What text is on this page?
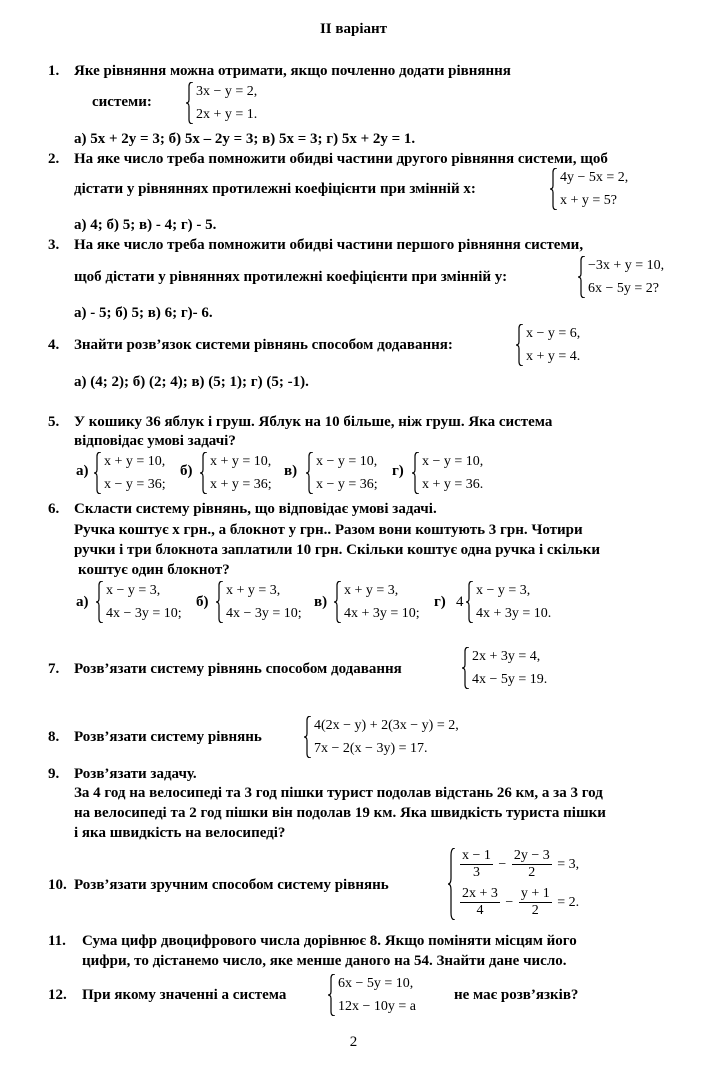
ІІ варіант
1. Яке рівняння можна отримати, якщо почленно додати рівняння
системи:
3x − y = 2,
2x + y = 1.
а) 5x + 2y = 3; б) 5x – 2y = 3; в) 5x = 3; г) 5x + 2y = 1.
2. На яке число треба помножити обидві частини другого рівняння системи, щоб
дістати у рівняннях протилежні коефіцієнти при змінній х:
4y − 5x = 2,
x + y = 5?
а) 4; б) 5; в) - 4; г) - 5.
3. На яке число треба помножити обидві частини першого рівняння системи,
щоб дістати у рівняннях протилежні коефіцієнти при змінній у:
−3x + y = 10,
6x − 5y = 2?
а) - 5; б) 5; в) 6; г)- 6.
4. Знайти розв’язок системи рівнянь способом додавання:
x − y = 6,
x + y = 4.
а) (4; 2); б) (2; 4); в) (5; 1); г) (5; -1).
5. У кошику 36 яблук і груш. Яблук на 10 більше, ніж груш. Яка система
відповідає умові задачі?
а)
x + y = 10,
x − y = 36;
б)
x + y = 10,
x + y = 36;
в)
x − y = 10,
x − y = 36;
г)
x − y = 10,
x + y = 36.
6. Скласти систему рівнянь, що відповідає умові задачі.
Ручка коштує х грн., а блокнот у грн.. Разом вони коштують 3 грн. Чотири
ручки і три блокнота заплатили 10 грн. Скільки коштує одна ручка і скільки
коштує один блокнот?
а)
x − y = 3,
4x − 3y = 10;
б)
x + y = 3,
4x − 3y = 10;
в)
x + y = 3,
4x + 3y = 10;
г) 4
x − y = 3,
4x + 3y = 10.
7. Розв’язати систему рівнянь способом додавання
2x + 3y = 4,
4x − 5y = 19.
8. Розв’язати систему рівнянь
4(2x − y) + 2(3x − y) = 2,
7x − 2(x − 3y) = 17.
9. Розв’язати задачу.
За 4 год на велосипеді та 3 год пішки турист подолав відстань 26 км, а за 3 год
на велосипеді та 2 год пішки він подолав 19 км. Яка швидкість туриста пішки
і яка швидкість на велосипеді?
10. Розв’язати зручним способом систему рівнянь
$\frac{x - 1}{3} - \frac{2y - 3}{2} = 3$,
$\frac{2x + 3}{4} - \frac{y + 1}{2} = 2$.
11. Сума цифр двоцифрового числа дорівнює 8. Якщо поміняти місцям його
цифри, то дістанемо число, яке менше даного на 54. Знайти дане число.
12. При якому значенні а система
6x − 5y = 10,
12x − 10y = a
не має розв’язків?
2
